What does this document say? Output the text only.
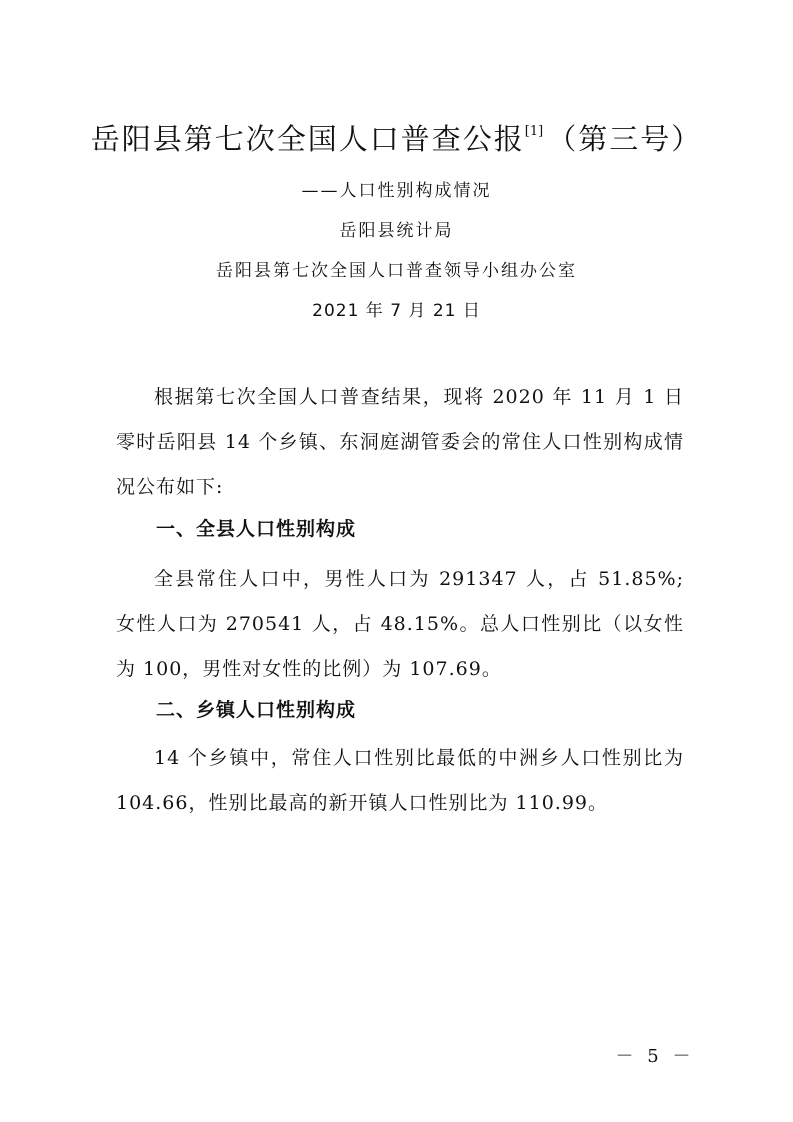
岳阳县第七次全国人口普查公报[1] （第三号）
——人口性别构成情况
岳阳县统计局
岳阳县第七次全国人口普查领导小组办公室
2021 年 7 月 21 日
根据第七次全国人口普查结果，现将 2020 年 11 月 1 日零时岳阳县 14 个乡镇、东洞庭湖管委会的常住人口性别构成情况公布如下:
一、全县人口性别构成
全县常住人口中，男性人口为 291347 人，占 51.85%; 女性人口为 270541 人，占 48.15%。总人口性别比（以女性为 100，男性对女性的比例）为 107.69。
二、乡镇人口性别构成
14 个乡镇中，常住人口性别比最低的中洲乡人口性别比为 104.66，性别比最高的新开镇人口性别比为 110.99。
－ 5 －
